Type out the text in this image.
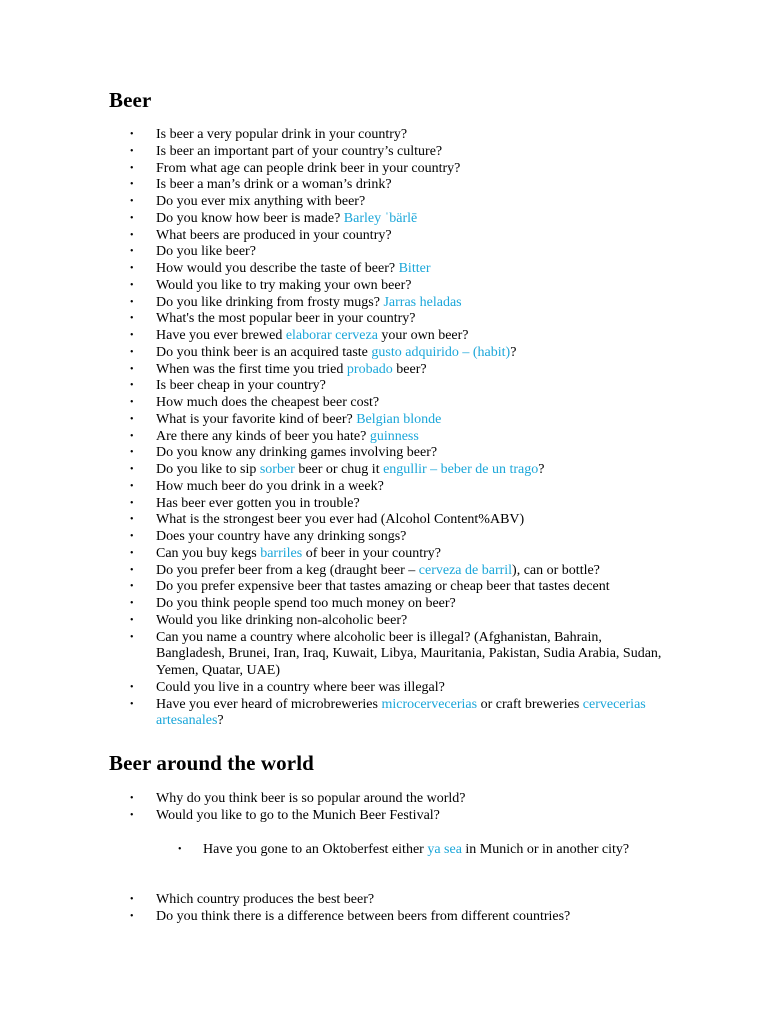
Beer
• Is beer a very popular drink in your country?
• Is beer an important part of your country’s culture?
• From what age can people drink beer in your country?
• Is beer a man’s drink or a woman’s drink?
• Do you ever mix anything with beer?
• Do you know how beer is made? Barley ˈbärlē
• What beers are produced in your country?
• Do you like beer?
• How would you describe the taste of beer? Bitter
• Would you like to try making your own beer?
• Do you like drinking from frosty mugs? Jarras heladas
• What's the most popular beer in your country?
• Have you ever brewed elaborar cerveza your own beer?
• Do you think beer is an acquired taste gusto adquirido – (habit)?
• When was the first time you tried probado beer?
• Is beer cheap in your country?
• How much does the cheapest beer cost?
• What is your favorite kind of beer? Belgian blonde
• Are there any kinds of beer you hate? guinness
• Do you know any drinking games involving beer?
• Do you like to sip sorber beer or chug it engullir – beber de un trago?
• How much beer do you drink in a week?
• Has beer ever gotten you in trouble?
• What is the strongest beer you ever had (Alcohol Content%ABV)
• Does your country have any drinking songs?
• Can you buy kegs barriles of beer in your country?
• Do you prefer beer from a keg (draught beer – cerveza de barril), can or bottle?
• Do you prefer expensive beer that tastes amazing or cheap beer that tastes decent
• Do you think people spend too much money on beer?
• Would you like drinking non-alcoholic beer?
• Can you name a country where alcoholic beer is illegal? (Afghanistan, Bahrain, Bangladesh, Brunei, Iran, Iraq, Kuwait, Libya, Mauritania, Pakistan, Sudia Arabia, Sudan, Yemen, Quatar, UAE)
• Could you live in a country where beer was illegal?
• Have you ever heard of microbreweries microcervecerias or craft breweries cervecerias artesanales?
Beer around the world
• Why do you think beer is so popular around the world?
• Would you like to go to the Munich Beer Festival?
• Have you gone to an Oktoberfest either ya sea in Munich or in another city?
• Which country produces the best beer?
• Do you think there is a difference between beers from different countries?
